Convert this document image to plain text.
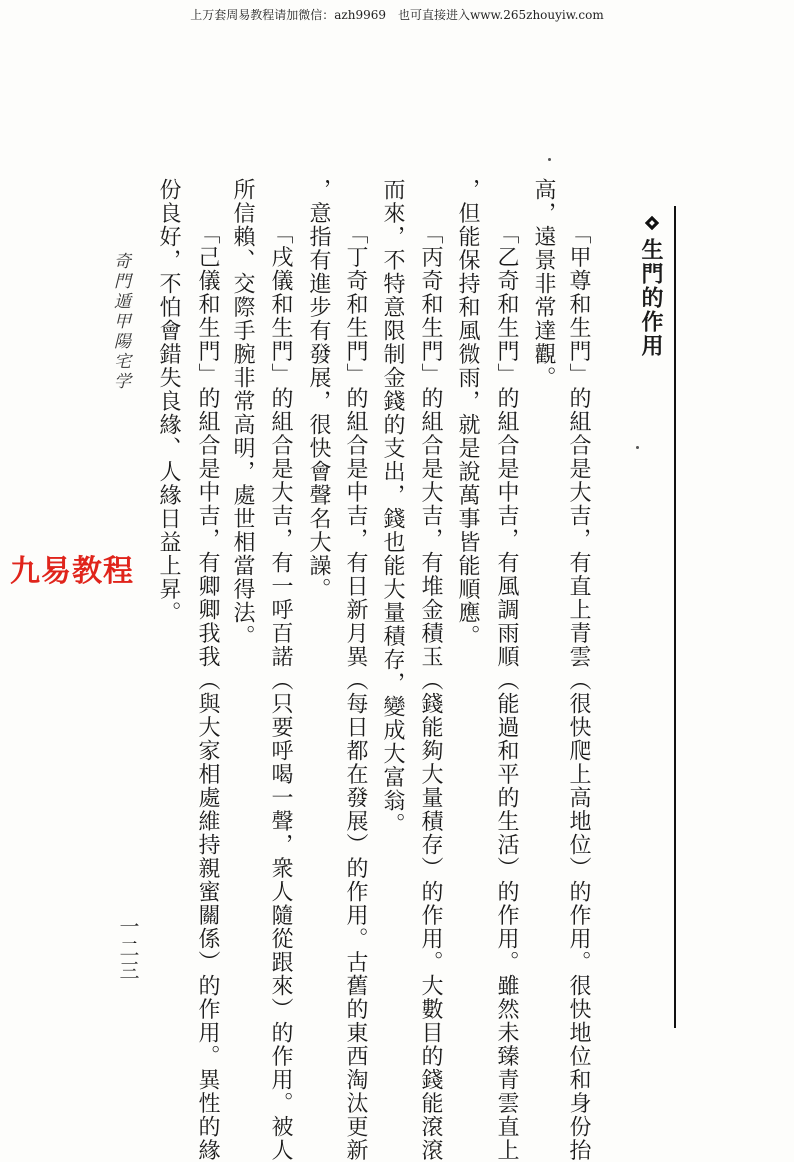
上万套周易教程请加微信：azh9969　也可直接进入www.265zhouyiw.com
生門的作用
「甲尊和生門」的組合是大吉，有直上青雲（很快爬上高地位）的作用。很快地位和身份抬
高，遠景非常達觀。
「乙奇和生門」的組合是中吉，有風調雨順（能過和平的生活）的作用。雖然未臻青雲直上
，但能保持和風微雨，就是說萬事皆能順應。
「丙奇和生門」的組合是大吉，有堆金積玉（錢能夠大量積存）的作用。大數目的錢能滾滾
而來，不特意限制金錢的支出，錢也能大量積存，變成大富翁。
「丁奇和生門」的組合是中吉，有日新月異（每日都在發展）的作用。古舊的東西淘汰更新
，意指有進步有發展，很快會聲名大譟。
「戌儀和生門」的組合是大吉，有一呼百諾（只要呼喝一聲，衆人隨從跟來）的作用。被人
所信賴、交際手腕非常高明，處世相當得法。
「己儀和生門」的組合是中吉，有卿卿我我（與大家相處維持親蜜關係）的作用。異性的緣
份良好，不怕會錯失良緣、人緣日益上昇。
奇門遁甲陽宅学
一二三
九易教程
